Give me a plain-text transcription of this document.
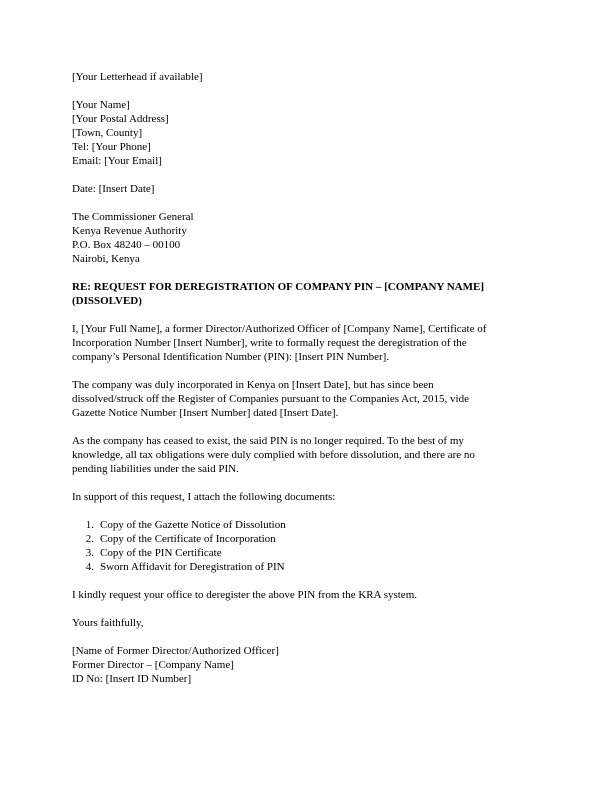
[Your Letterhead if available]
[Your Name]
[Your Postal Address]
[Town, County]
Tel: [Your Phone]
Email: [Your Email]
Date: [Insert Date]
The Commissioner General
Kenya Revenue Authority
P.O. Box 48240 – 00100
Nairobi, Kenya
RE: REQUEST FOR DEREGISTRATION OF COMPANY PIN – [COMPANY NAME]
(DISSOLVED)
I, [Your Full Name], a former Director/Authorized Officer of [Company Name], Certificate of
Incorporation Number [Insert Number], write to formally request the deregistration of the
company’s Personal Identification Number (PIN): [Insert PIN Number].
The company was duly incorporated in Kenya on [Insert Date], but has since been
dissolved/struck off the Register of Companies pursuant to the Companies Act, 2015, vide
Gazette Notice Number [Insert Number] dated [Insert Date].
As the company has ceased to exist, the said PIN is no longer required. To the best of my
knowledge, all tax obligations were duly complied with before dissolution, and there are no
pending liabilities under the said PIN.
In support of this request, I attach the following documents:
1. Copy of the Gazette Notice of Dissolution
2. Copy of the Certificate of Incorporation
3. Copy of the PIN Certificate
4. Sworn Affidavit for Deregistration of PIN
I kindly request your office to deregister the above PIN from the KRA system.
Yours faithfully,
[Name of Former Director/Authorized Officer]
Former Director – [Company Name]
ID No: [Insert ID Number]
